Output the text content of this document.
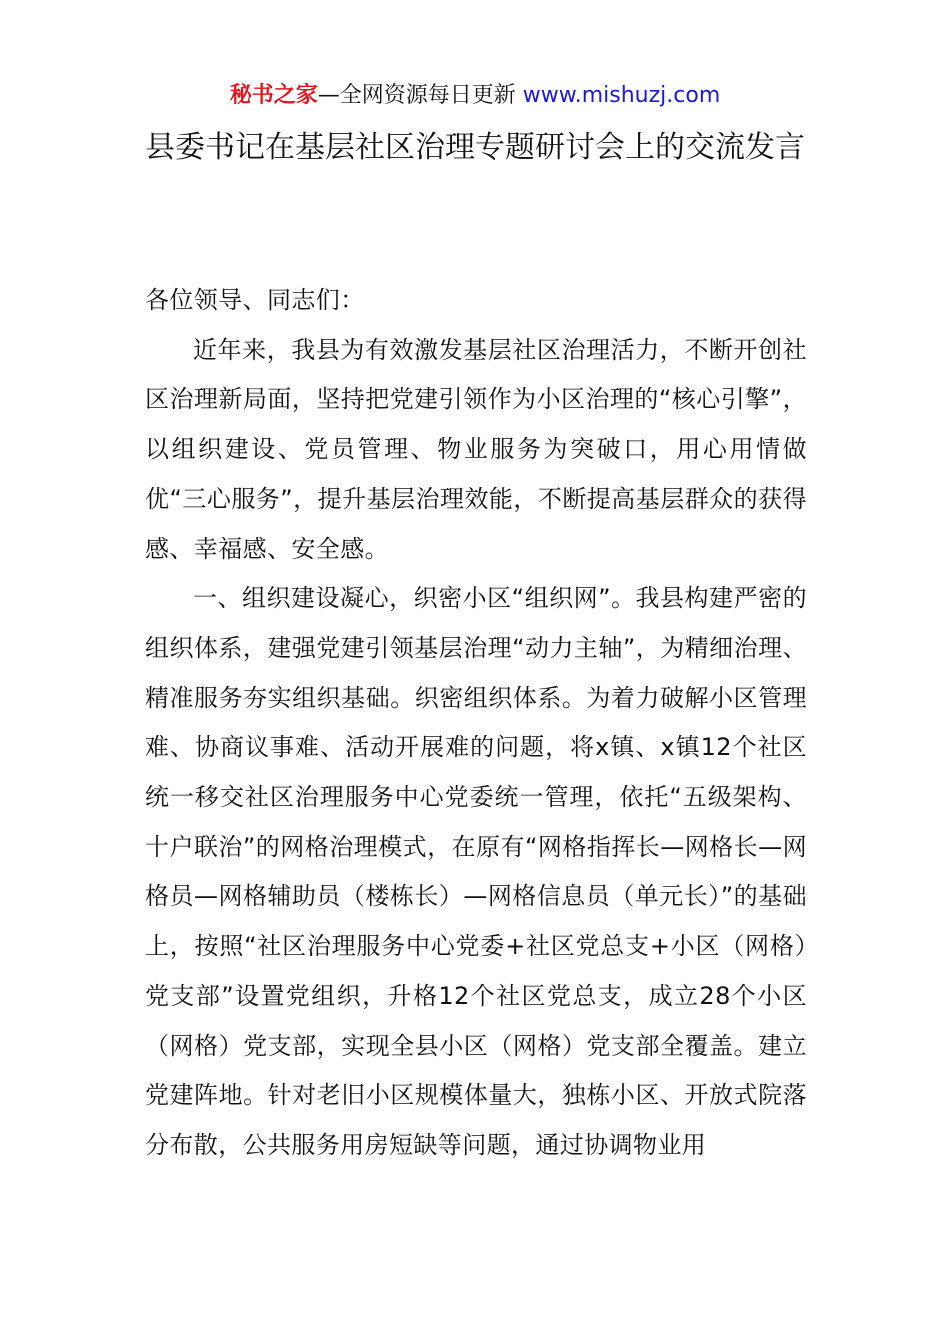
秘书之家—全网资源每日更新 www.mishuzj.com
县委书记在基层社区治理专题研讨会上的交流发言

各位领导、同志们：

近年来，我县为有效激发基层社区治理活力，不断开创社区治理新局面，坚持把党建引领作为小区治理的“核心引擎”，以组织建设、党员管理、物业服务为突破口，用心用情做优“三心服务”，提升基层治理效能，不断提高基层群众的获得感、幸福感、安全感。

一、组织建设凝心，织密小区“组织网”。我县构建严密的组织体系，建强党建引领基层治理“动力主轴”，为精细治理、精准服务夯实组织基础。织密组织体系。为着力破解小区管理难、协商议事难、活动开展难的问题，将x镇、x镇12个社区统一移交社区治理服务中心党委统一管理，依托“五级架构、十户联治”的网格治理模式，在原有“网格指挥长—网格长—网格员—网格辅助员（楼栋长）—网格信息员（单元长）”的基础上，按照“社区治理服务中心党委+社区党总支+小区（网格）党支部”设置党组织，升格12个社区党总支，成立28个小区（网格）党支部，实现全县小区（网格）党支部全覆盖。建立党建阵地。针对老旧小区规模体量大，独栋小区、开放式院落分布散，公共服务用房短缺等问题，通过协调物业用
